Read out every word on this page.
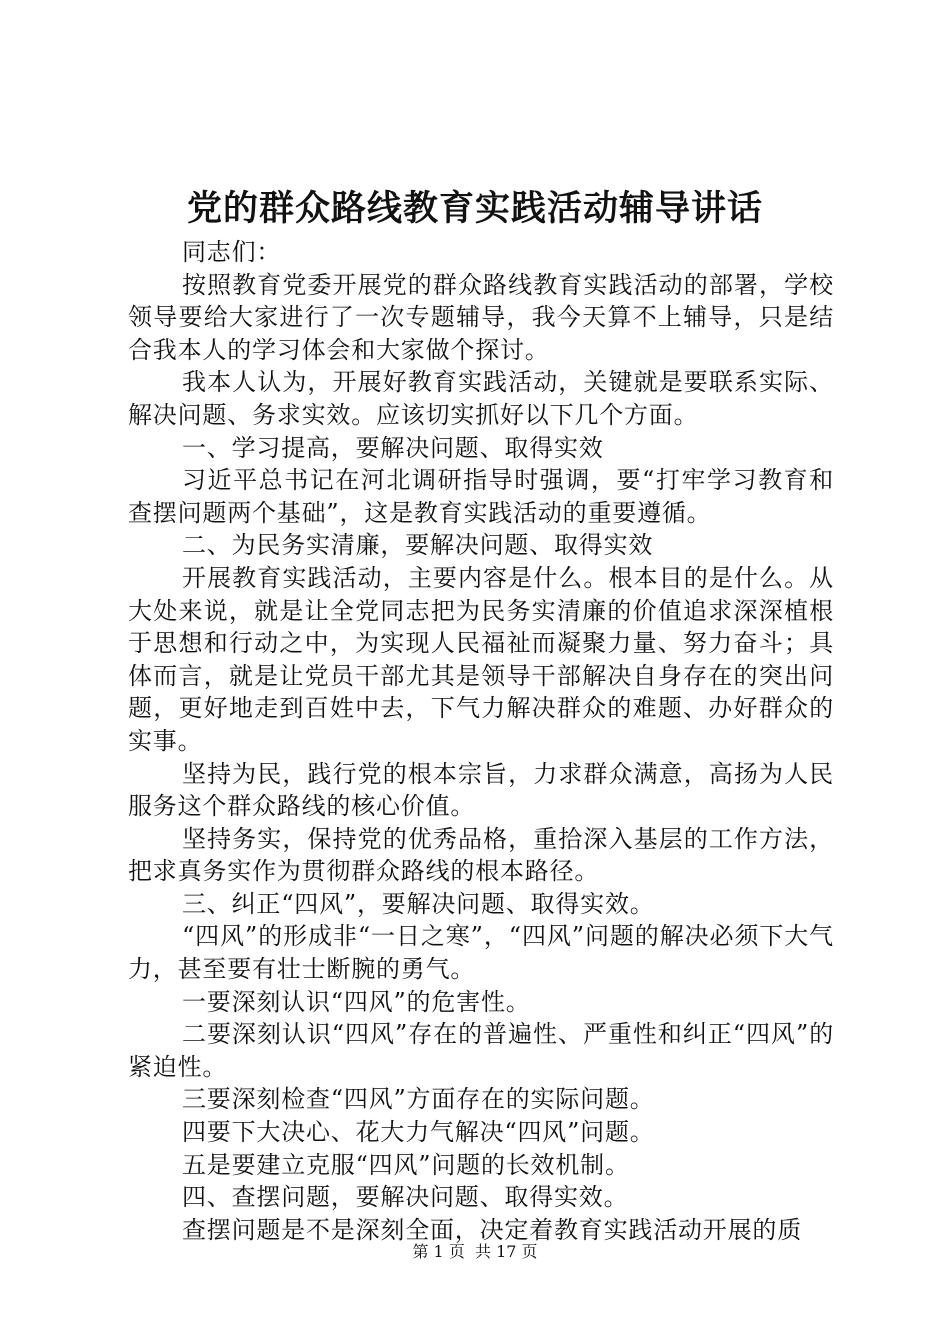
党的群众路线教育实践活动辅导讲话

同志们：

按照教育党委开展党的群众路线教育实践活动的部署，学校领导要给大家进行了一次专题辅导，我今天算不上辅导，只是结合我本人的学习体会和大家做个探讨。

我本人认为，开展好教育实践活动，关键就是要联系实际、解决问题、务求实效。应该切实抓好以下几个方面。

一、学习提高，要解决问题、取得实效

习近平总书记在河北调研指导时强调，要“打牢学习教育和查摆问题两个基础”，这是教育实践活动的重要遵循。

二、为民务实清廉，要解决问题、取得实效

开展教育实践活动，主要内容是什么。根本目的是什么。从大处来说，就是让全党同志把为民务实清廉的价值追求深深植根于思想和行动之中，为实现人民福祉而凝聚力量、努力奋斗；具体而言，就是让党员干部尤其是领导干部解决自身存在的突出问题，更好地走到百姓中去，下气力解决群众的难题、办好群众的实事。

坚持为民，践行党的根本宗旨，力求群众满意，高扬为人民服务这个群众路线的核心价值。

坚持务实，保持党的优秀品格，重拾深入基层的工作方法，把求真务实作为贯彻群众路线的根本路径。

三、纠正“四风”，要解决问题、取得实效。

“四风”的形成非“一日之寒”，“四风”问题的解决必须下大气力，甚至要有壮士断腕的勇气。

一要深刻认识“四风”的危害性。

二要深刻认识“四风”存在的普遍性、严重性和纠正“四风”的紧迫性。

三要深刻检查“四风”方面存在的实际问题。

四要下大决心、花大力气解决“四风”问题。

五是要建立克服“四风”问题的长效机制。

四、查摆问题，要解决问题、取得实效。

查摆问题是不是深刻全面，决定着教育实践活动开展的质

第 1 页  共 17 页
